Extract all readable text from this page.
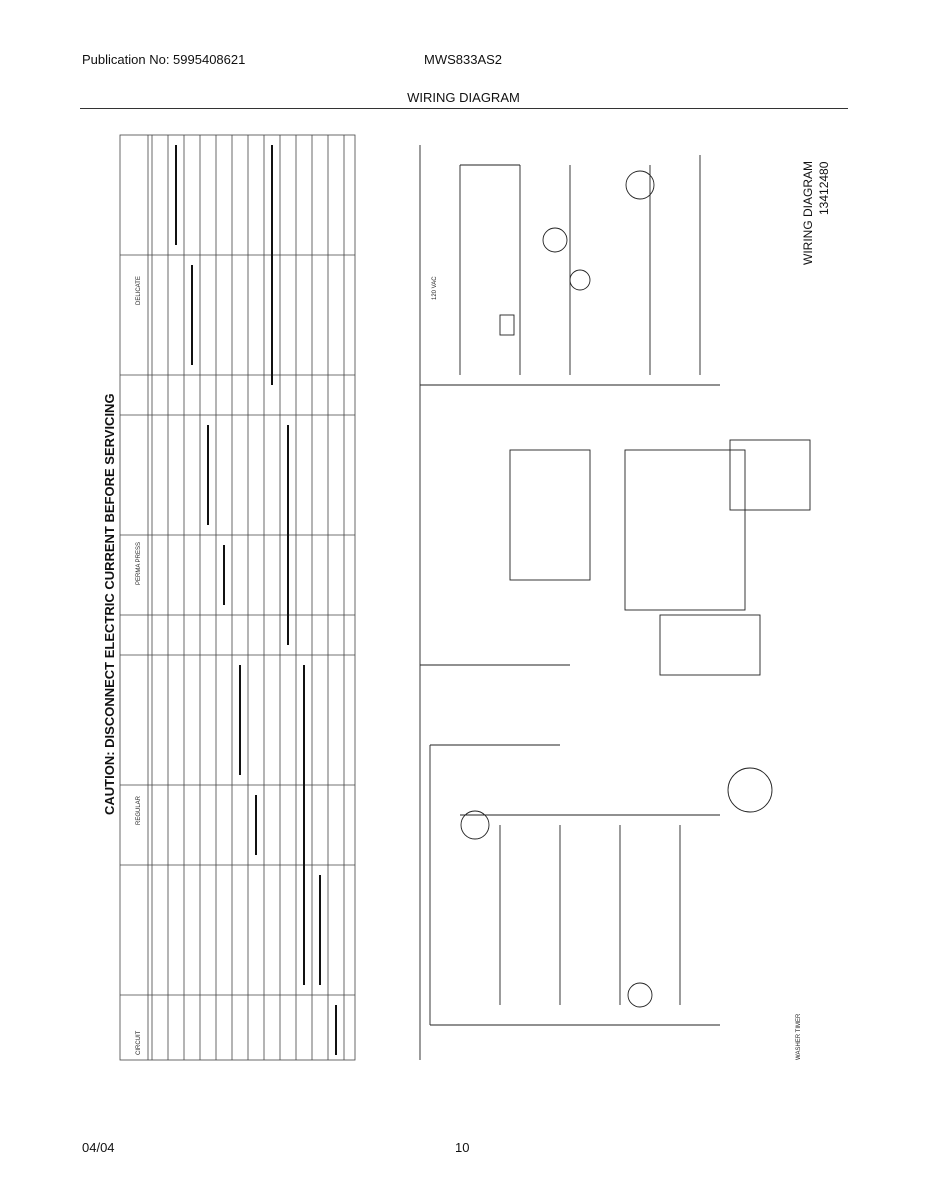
Publication No: 5995408621	MWS833AS2
WIRING DIAGRAM
CAUTION: DISCONNECT ELECTRIC CURRENT BEFORE SERVICING
CIRCUIT
REGULAR
PERMA PRESS
DELICATE
WIRING DIAGRAM 13412480
WASHER TIMER
120 VAC
04/04	10
